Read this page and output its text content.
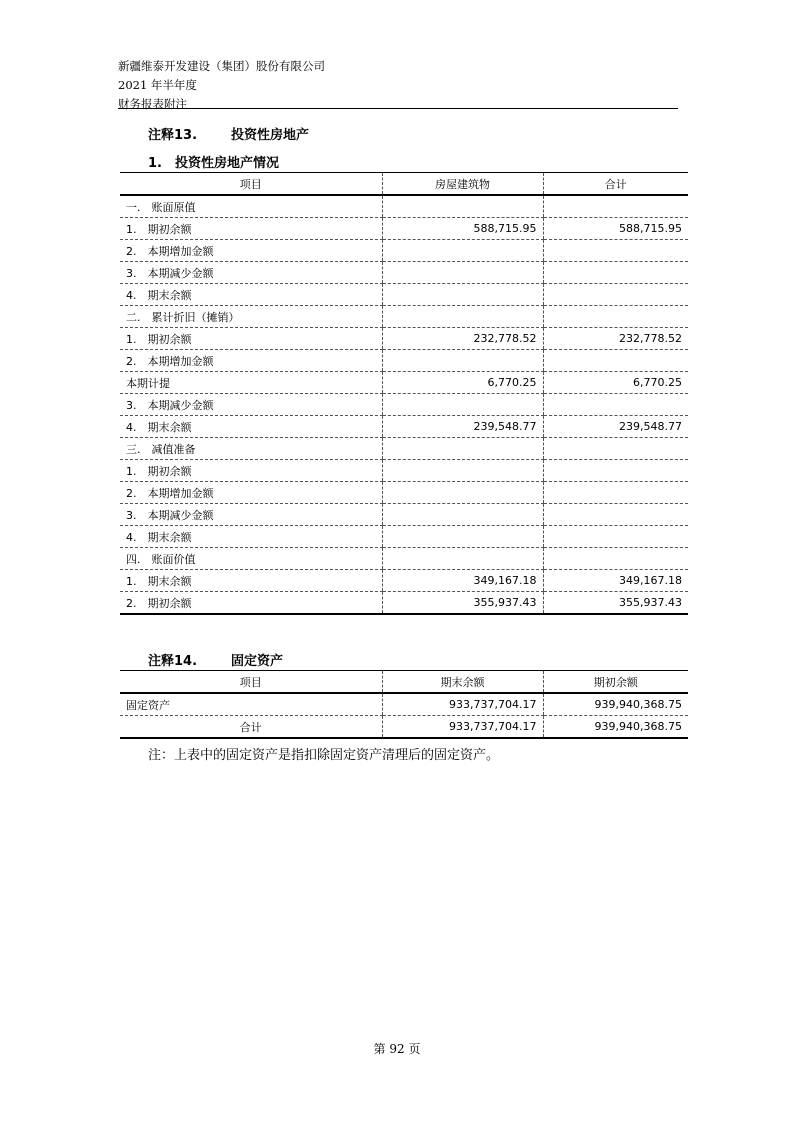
新疆维泰开发建设（集团）股份有限公司
2021 年半年度
财务报表附注
注释13.	投资性房地产
1.　投资性房地产情况
项目	房屋建筑物	合计
一.　账面原值		
1.　期初余额	588,715.95	588,715.95
2.　本期增加金额		
3.　本期减少金额		
4.　期末余额		
二.　累计折旧（摊销）		
1.　期初余额	232,778.52	232,778.52
2.　本期增加金额		
本期计提	6,770.25	6,770.25
3.　本期减少金额		
4.　期末余额	239,548.77	239,548.77
三.　减值准备		
1.　期初余额		
2.　本期增加金额		
3.　本期减少金额		
4.　期末余额		
四.　账面价值		
1.　期末余额	349,167.18	349,167.18
2.　期初余额	355,937.43	355,937.43
注释14.	固定资产
项目	期末余额	期初余额
固定资产	933,737,704.17	939,940,368.75
合计	933,737,704.17	939,940,368.75
注：上表中的固定资产是指扣除固定资产清理后的固定资产。
第 92 页
